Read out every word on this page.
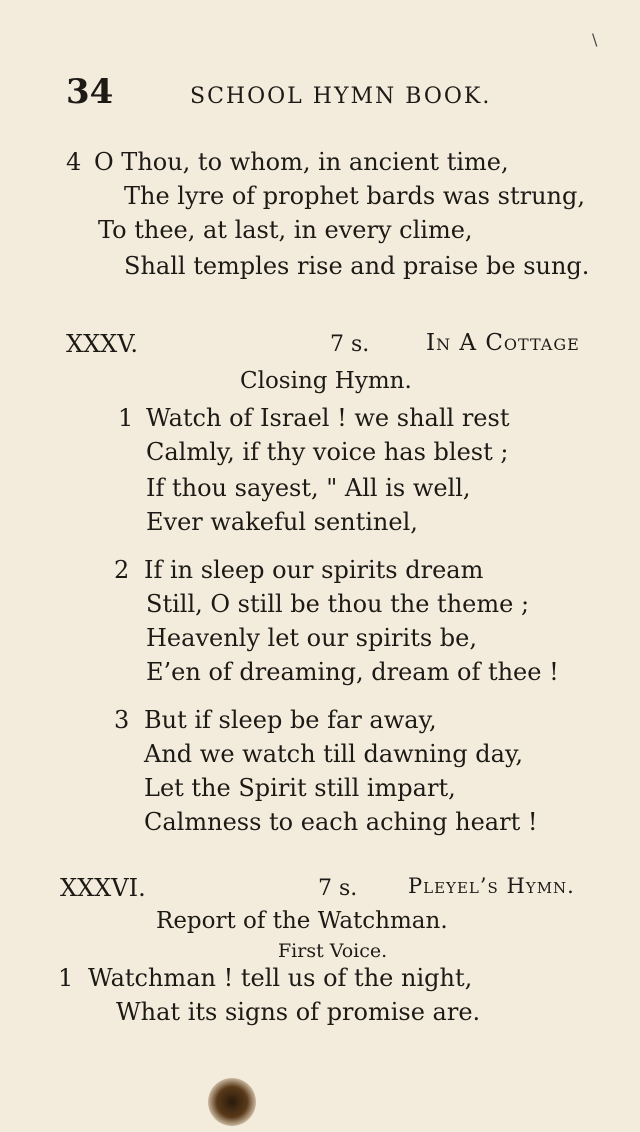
\
34	SCHOOL HYMN BOOK.
4 O Thou, to whom, in ancient time,
The lyre of prophet bards was strung,
To thee, at last, in every clime,
Shall temples rise and praise be sung.
XXXV.	7 s. In A Cottage
Closing Hymn.
1 Watch of Israel ! we shall rest
Calmly, if thy voice has blest ;
If thou sayest, " All is well,
Ever wakeful sentinel,
2 If in sleep our spirits dream
Still, O still be thou the theme ;
Heavenly let our spirits be,
E’en of dreaming, dream of thee !
3 But if sleep be far away,
And we watch till dawning day,
Let the Spirit still impart,
Calmness to each aching heart !
XXXVI.	7 s. Pleyel’s Hymn.
Report of the Watchman.
First Voice.
1 Watchman ! tell us of the night,
What its signs of promise are.
